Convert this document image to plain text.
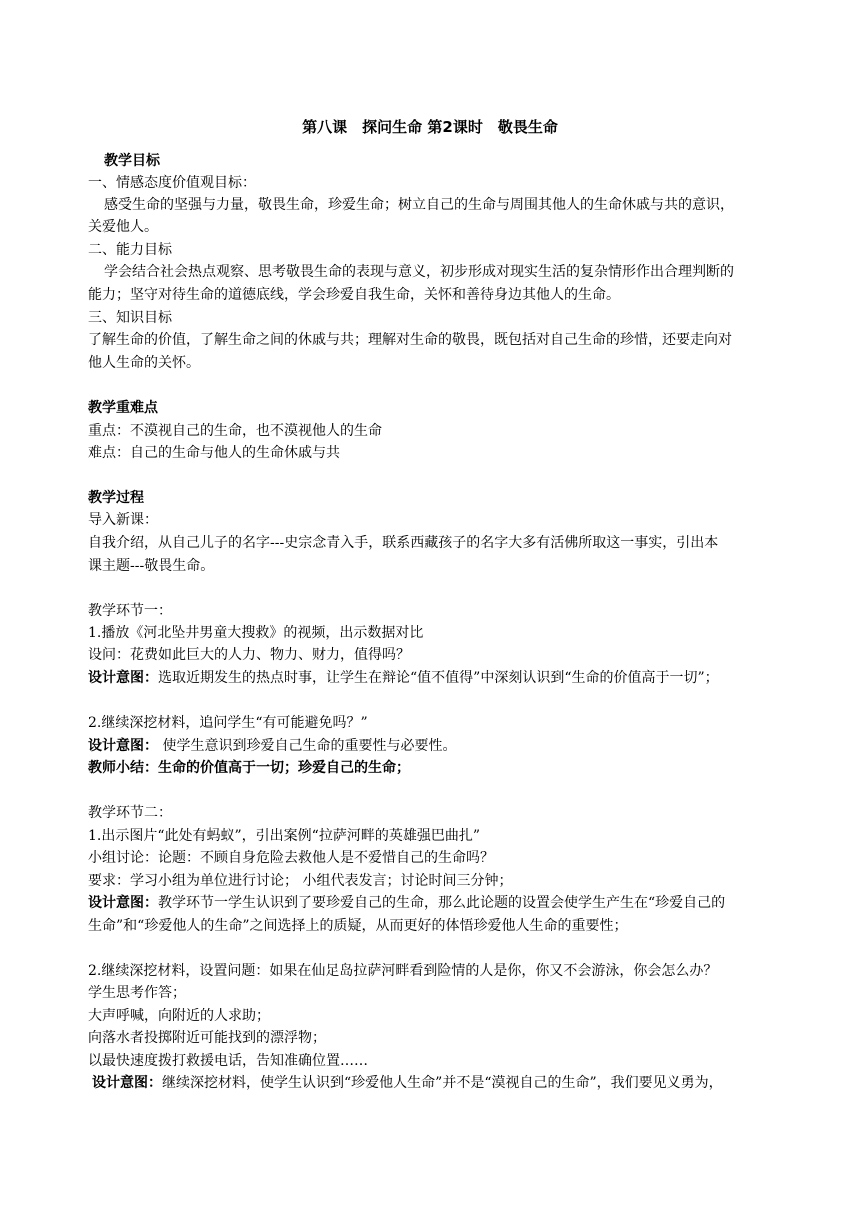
第八课　探问生命 第2课时　敬畏生命
教学目标
一、情感态度价值观目标：
感受生命的坚强与力量，敬畏生命，珍爱生命；树立自己的生命与周围其他人的生命休戚与共的意识，
关爱他人。
二、能力目标
学会结合社会热点观察、思考敬畏生命的表现与意义，初步形成对现实生活的复杂情形作出合理判断的
能力；坚守对待生命的道德底线，学会珍爱自我生命，关怀和善待身边其他人的生命。
三、知识目标
了解生命的价值，了解生命之间的休戚与共；理解对生命的敬畏，既包括对自己生命的珍惜，还要走向对
他人生命的关怀。
教学重难点
重点：不漠视自己的生命，也不漠视他人的生命
难点：自己的生命与他人的生命休戚与共
教学过程
导入新课：
自我介绍，从自己儿子的名字---史宗念青入手，联系西藏孩子的名字大多有活佛所取这一事实，引出本
课主题---敬畏生命。
教学环节一：
1.播放《河北坠井男童大搜救》的视频，出示数据对比
设问：花费如此巨大的人力、物力、财力，值得吗？
设计意图：选取近期发生的热点时事，让学生在辩论“值不值得”中深刻认识到“生命的价值高于一切”；
2.继续深挖材料，追问学生“有可能避免吗？”
设计意图： 使学生意识到珍爱自己生命的重要性与必要性。
教师小结：生命的价值高于一切；珍爱自己的生命；
教学环节二：
1.出示图片“此处有蚂蚁”，引出案例“拉萨河畔的英雄强巴曲扎”
小组讨论：论题：不顾自身危险去救他人是不爱惜自己的生命吗？
要求：学习小组为单位进行讨论； 小组代表发言；讨论时间三分钟；
设计意图：教学环节一学生认识到了要珍爱自己的生命，那么此论题的设置会使学生产生在“珍爱自己的
生命”和“珍爱他人的生命”之间选择上的质疑，从而更好的体悟珍爱他人生命的重要性；
2.继续深挖材料，设置问题：如果在仙足岛拉萨河畔看到险情的人是你，你又不会游泳，你会怎么办？
学生思考作答；
大声呼喊，向附近的人求助；
向落水者投掷附近可能找到的漂浮物；
以最快速度拨打救援电话，告知准确位置……
设计意图：继续深挖材料，使学生认识到“珍爱他人生命”并不是“漠视自己的生命”，我们要见义勇为，
